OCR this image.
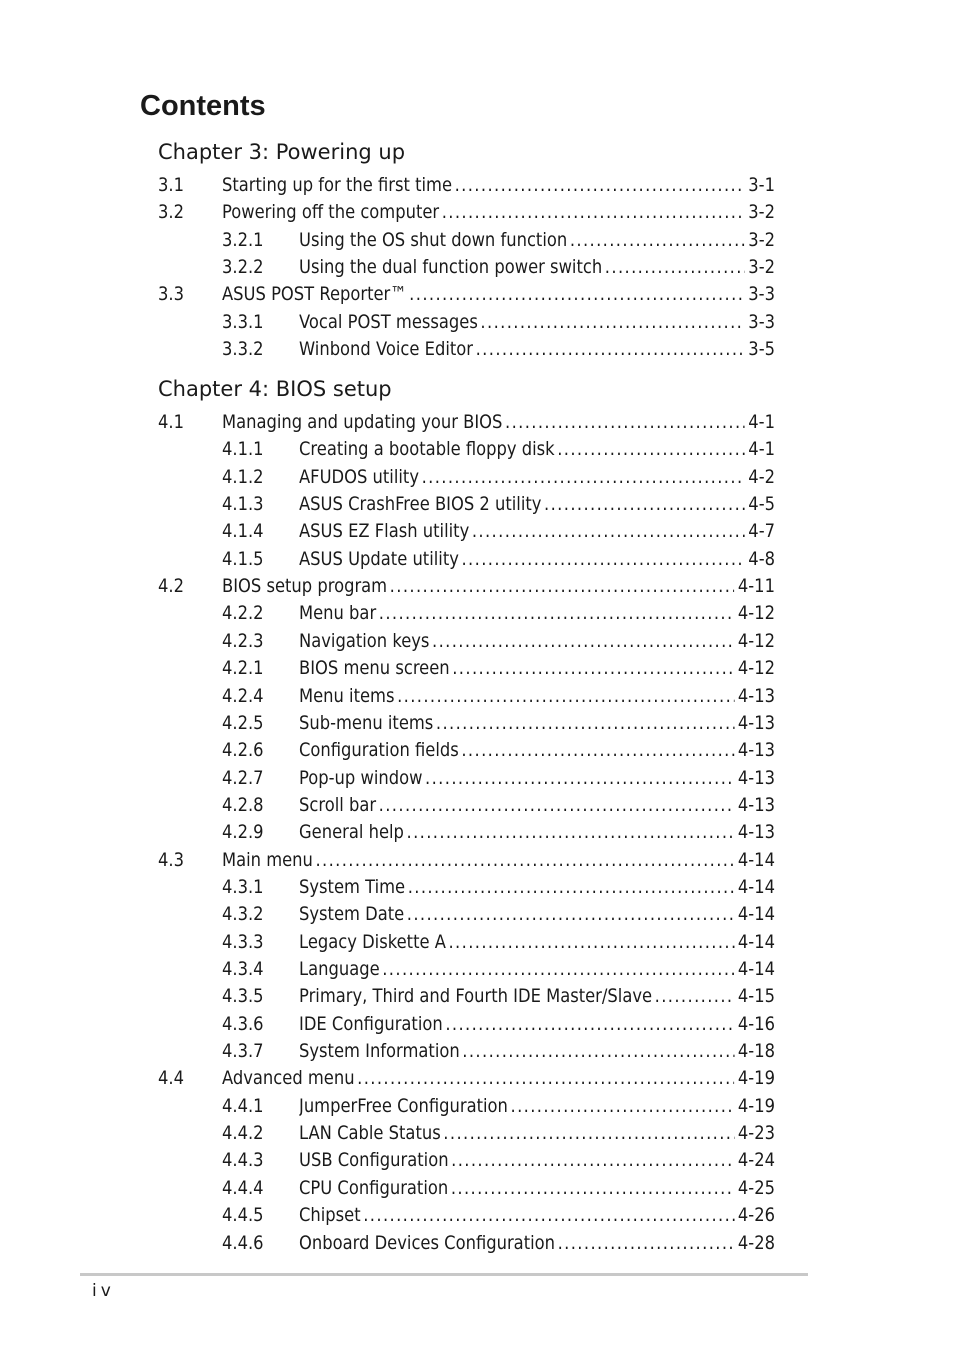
Contents
Chapter 3: Powering up
3.1 Starting up for the first time .....	3-1
3.2 Powering off the computer .....	3-2
3.2.1 Using the OS shut down function .....	3-2
3.2.2 Using the dual function power switch .....	3-2
3.3 ASUS POST Reporter™ .....	3-3
3.3.1 Vocal POST messages .....	3-3
3.3.2 Winbond Voice Editor .....	3-5
Chapter 4: BIOS setup
4.1 Managing and updating your BIOS .....	4-1
4.1.1 Creating a bootable floppy disk .....	4-1
4.1.2 AFUDOS utility .....	4-2
4.1.3 ASUS CrashFree BIOS 2 utility .....	4-5
4.1.4 ASUS EZ Flash utility .....	4-7
4.1.5 ASUS Update utility .....	4-8
4.2 BIOS setup program .....	4-11
4.2.2 Menu bar .....	4-12
4.2.3 Navigation keys .....	4-12
4.2.1 BIOS menu screen .....	4-12
4.2.4 Menu items .....	4-13
4.2.5 Sub-menu items .....	4-13
4.2.6 Configuration fields .....	4-13
4.2.7 Pop-up window .....	4-13
4.2.8 Scroll bar .....	4-13
4.2.9 General help .....	4-13
4.3 Main menu .....	4-14
4.3.1 System Time .....	4-14
4.3.2 System Date .....	4-14
4.3.3 Legacy Diskette A .....	4-14
4.3.4 Language .....	4-14
4.3.5 Primary, Third and Fourth IDE Master/Slave .....	4-15
4.3.6 IDE Configuration .....	4-16
4.3.7 System Information .....	4-18
4.4 Advanced menu .....	4-19
4.4.1 JumperFree Configuration .....	4-19
4.4.2 LAN Cable Status .....	4-23
4.4.3 USB Configuration .....	4-24
4.4.4 CPU Configuration .....	4-25
4.4.5 Chipset .....	4-26
4.4.6 Onboard Devices Configuration .....	4-28
iv
